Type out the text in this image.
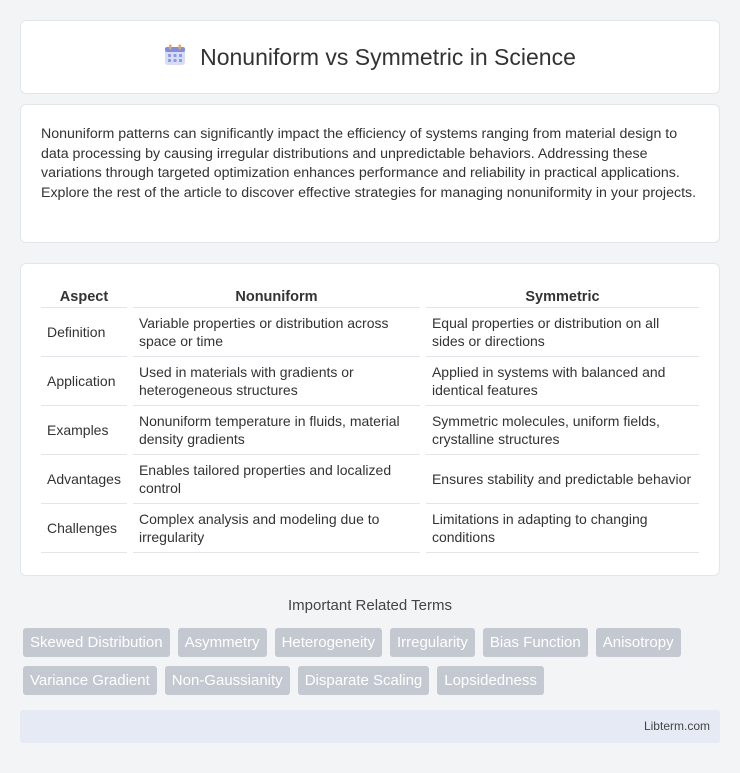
Nonuniform vs Symmetric in Science

Nonuniform patterns can significantly impact the efficiency of systems ranging from material design to data processing by causing irregular distributions and unpredictable behaviors. Addressing these variations through targeted optimization enhances performance and reliability in practical applications. Explore the rest of the article to discover effective strategies for managing nonuniformity in your projects.

Aspect	Nonuniform	Symmetric
Definition	Variable properties or distribution across space or time	Equal properties or distribution on all sides or directions
Application	Used in materials with gradients or heterogeneous structures	Applied in systems with balanced and identical features
Examples	Nonuniform temperature in fluids, material density gradients	Symmetric molecules, uniform fields, crystalline structures
Advantages	Enables tailored properties and localized control	Ensures stability and predictable behavior
Challenges	Complex analysis and modeling due to irregularity	Limitations in adapting to changing conditions
Important Related Terms
Skewed Distribution	Asymmetry	Heterogeneity	Irregularity	Bias Function	Anisotropy
Variance Gradient	Non-Gaussianity	Disparate Scaling	Lopsidedness
Libterm.com
